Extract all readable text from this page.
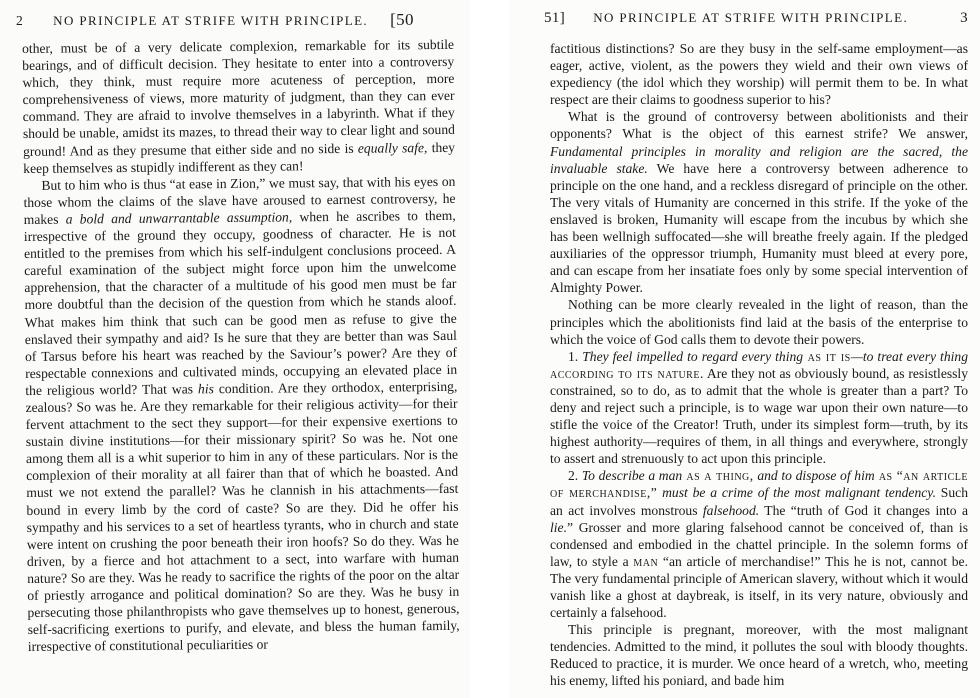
2 NO PRINCIPLE AT STRIFE WITH PRINCIPLE. [50

other, must be of a very delicate complexion, remarkable for its subtile bearings, and of difficult decision. They hesitate to enter into a controversy which, they think, must require more acuteness of perception, more comprehensiveness of views, more maturity of judgment, than they can ever command. They are afraid to involve themselves in a labyrinth. What if they should be unable, amidst its mazes, to thread their way to clear light and sound ground! And as they presume that either side and no side is equally safe, they keep themselves as stupidly indifferent as they can!

But to him who is thus “at ease in Zion,” we must say, that with his eyes on those whom the claims of the slave have aroused to earnest controversy, he makes a bold and unwarrantable assumption, when he ascribes to them, irrespective of the ground they occupy, goodness of character. He is not entitled to the premises from which his self-indulgent conclusions proceed. A careful examination of the subject might force upon him the unwelcome apprehension, that the character of a multitude of his good men must be far more doubtful than the decision of the question from which he stands aloof. What makes him think that such can be good men as refuse to give the enslaved their sympathy and aid? Is he sure that they are better than was Saul of Tarsus before his heart was reached by the Saviour’s power? Are they of respectable connexions and cultivated minds, occupying an elevated place in the religious world? That was his condition. Are they orthodox, enterprising, zealous? So was he. Are they remarkable for their religious activity—for their fervent attachment to the sect they support—for their expensive exertions to sustain divine institutions—for their missionary spirit? So was he. Not one among them all is a whit superior to him in any of these particulars. Nor is the complexion of their morality at all fairer than that of which he boasted. And must we not extend the parallel? Was he clannish in his attachments—fast bound in every limb by the cord of caste? So are they. Did he offer his sympathy and his services to a set of heartless tyrants, who in church and state were intent on crushing the poor beneath their iron hoofs? So do they. Was he driven, by a fierce and hot attachment to a sect, into warfare with human nature? So are they. Was he ready to sacrifice the rights of the poor on the altar of priestly arrogance and political domination? So are they. Was he busy in persecuting those philanthropists who gave themselves up to honest, generous, self-sacrificing exertions to purify, and elevate, and bless the human family, irrespective of constitutional peculiarities or

51] NO PRINCIPLE AT STRIFE WITH PRINCIPLE.	3

factitious distinctions? So are they busy in the self-same employment—as eager, active, violent, as the powers they wield and their own views of expediency (the idol which they worship) will permit them to be. In what respect are their claims to goodness superior to his?

What is the ground of controversy between abolitionists and their opponents? What is the object of this earnest strife? We answer, Fundamental principles in morality and religion are the sacred, the invaluable stake. We have here a controversy between adherence to principle on the one hand, and a reckless disregard of principle on the other. The very vitals of Humanity are concerned in this strife. If the yoke of the enslaved is broken, Humanity will escape from the incubus by which she has been wellnigh suffocated—she will breathe freely again. If the pledged auxiliaries of the oppressor triumph, Humanity must bleed at every pore, and can escape from her insatiate foes only by some special intervention of Almighty Power.

Nothing can be more clearly revealed in the light of reason, than the principles which the abolitionists find laid at the basis of the enterprise to which the voice of God calls them to devote their powers.

1. They feel impelled to regard every thing as it is—to treat every thing according to its nature. Are they not as obviously bound, as resistlessly constrained, so to do, as to admit that the whole is greater than a part? To deny and reject such a principle, is to wage war upon their own nature—to stifle the voice of the Creator! Truth, under its simplest form—truth, by its highest authority—requires of them, in all things and everywhere, strongly to assert and strenuously to act upon this principle.

2. To describe a man as a thing, and to dispose of him as “an article of merchandise,” must be a crime of the most malignant tendency. Such an act involves monstrous falsehood. The “truth of God it changes into a lie.” Grosser and more glaring falsehood cannot be conceived of, than is condensed and embodied in the chattel principle. In the solemn forms of law, to style a man “an article of merchandise!” This he is not, cannot be. The very fundamental principle of American slavery, without which it would vanish like a ghost at daybreak, is itself, in its very nature, obviously and certainly a falsehood.

This principle is pregnant, moreover, with the most malignant tendencies. Admitted to the mind, it pollutes the soul with bloody thoughts. Reduced to practice, it is murder. We once heard of a wretch, who, meeting his enemy, lifted his poniard, and bade him
